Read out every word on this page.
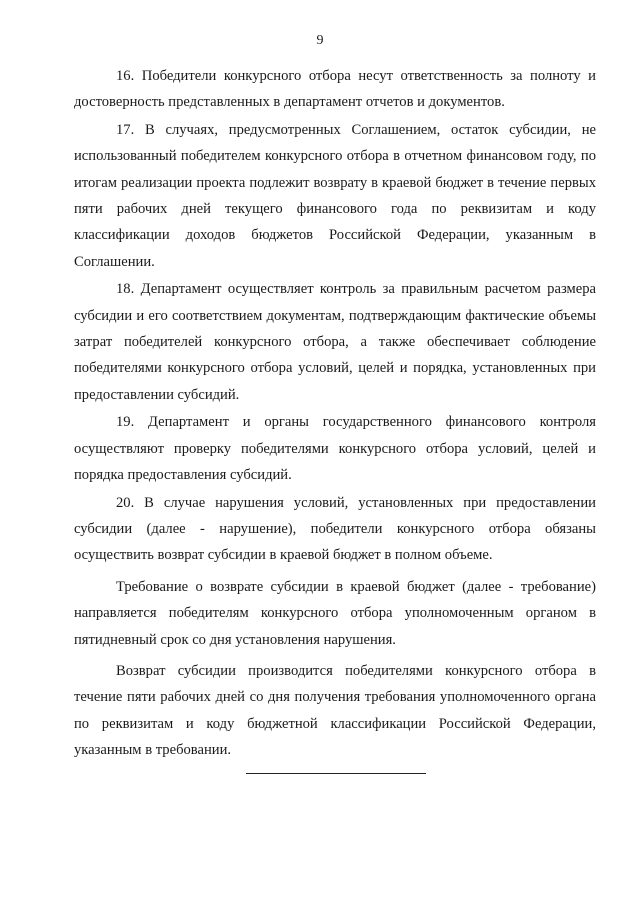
9

16. Победители конкурсного отбора несут ответственность за полноту и достоверность представленных в департамент отчетов и документов.

17. В случаях, предусмотренных Соглашением, остаток субсидии, не использованный победителем конкурсного отбора в отчетном финансовом году, по итогам реализации проекта подлежит возврату в краевой бюджет в течение первых пяти рабочих дней текущего финансового года по реквизитам и коду классификации доходов бюджетов Российской Федерации, указанным в Соглашении.

18. Департамент осуществляет контроль за правильным расчетом размера субсидии и его соответствием документам, подтверждающим фактические объемы затрат победителей конкурсного отбора, а также обеспечивает соблюдение победителями конкурсного отбора условий, целей и порядка, установленных при предоставлении субсидий.

19. Департамент и органы государственного финансового контроля осуществляют проверку победителями конкурсного отбора условий, целей и порядка предоставления субсидий.

20. В случае нарушения условий, установленных при предоставлении субсидии (далее - нарушение), победители конкурсного отбора обязаны осуществить возврат субсидии в краевой бюджет в полном объеме.

Требование о возврате субсидии в краевой бюджет (далее - требование) направляется победителям конкурсного отбора уполномоченным органом в пятидневный срок со дня установления нарушения.

Возврат субсидии производится победителями конкурсного отбора в течение пяти рабочих дней со дня получения требования уполномоченного органа по реквизитам и коду бюджетной классификации Российской Федерации, указанным в требовании.
